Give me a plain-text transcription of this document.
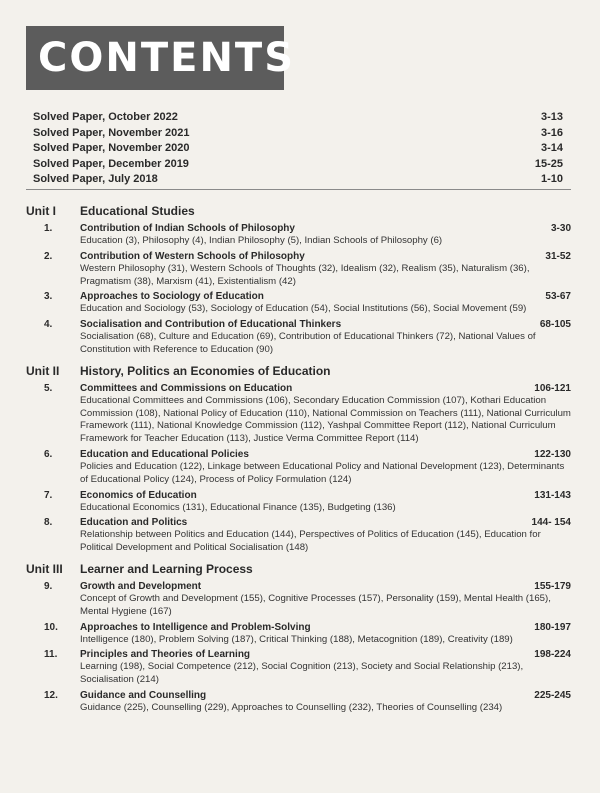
CONTENTS
Solved Paper, October 2022	3-13
Solved Paper, November 2021	3-16
Solved Paper, November 2020	3-14
Solved Paper, December 2019	15-25
Solved Paper, July 2018	1-10
Unit I	Educational Studies
1.	Contribution of Indian Schools of Philosophy	3-30
Education (3), Philosophy (4), Indian Philosophy (5), Indian Schools of Philosophy (6)
2.	Contribution of Western Schools of Philosophy	31-52
Western Philosophy (31), Western Schools of Thoughts (32), Idealism (32), Realism (35), Naturalism (36), Pragmatism (38), Marxism (41), Existentialism (42)
3.	Approaches to Sociology of Education	53-67
Education and Sociology (53), Sociology of Education (54), Social Institutions (56), Social Movement (59)
4.	Socialisation and Contribution of Educational Thinkers	68-105
Socialisation (68), Culture and Education (69), Contribution of Educational Thinkers (72), National Values of Constitution with Reference to Education (90)
Unit II	History, Politics an Economies of Education
5.	Committees and Commissions on Education	106-121
Educational Committees and Commissions (106), Secondary Education Commission (107), Kothari Education Commission (108), National Policy of Education (110), National Commission on Teachers (111), National Curriculum Framework (111), National Knowledge Commission (112), Yashpal Committee Report (112), National Curriculum Framework for Teacher Education (113), Justice Verma Committee Report (114)
6.	Education and Educational Policies	122-130
Policies and Education (122), Linkage between Educational Policy and National Development (123), Determinants of Educational Policy (124), Process of Policy Formulation (124)
7.	Economics of Education	131-143
Educational Economics (131), Educational Finance (135), Budgeting (136)
8.	Education and Politics	144- 154
Relationship between Politics and Education (144), Perspectives of Politics of Education (145), Education for Political Development and Political Socialisation (148)
Unit III	Learner and Learning Process
9.	Growth and Development	155-179
Concept of Growth and Development (155), Cognitive Processes (157), Personality (159), Mental Health (165), Mental Hygiene (167)
10.	Approaches to Intelligence and Problem-Solving	180-197
Intelligence (180), Problem Solving (187), Critical Thinking (188), Metacognition (189), Creativity (189)
11.	Principles and Theories of Learning	198-224
Learning (198), Social Competence (212), Social Cognition (213), Society and Social Relationship (213), Socialisation (214)
12.	Guidance and Counselling	225-245
Guidance (225), Counselling (229), Approaches to Counselling (232), Theories of Counselling (234)
